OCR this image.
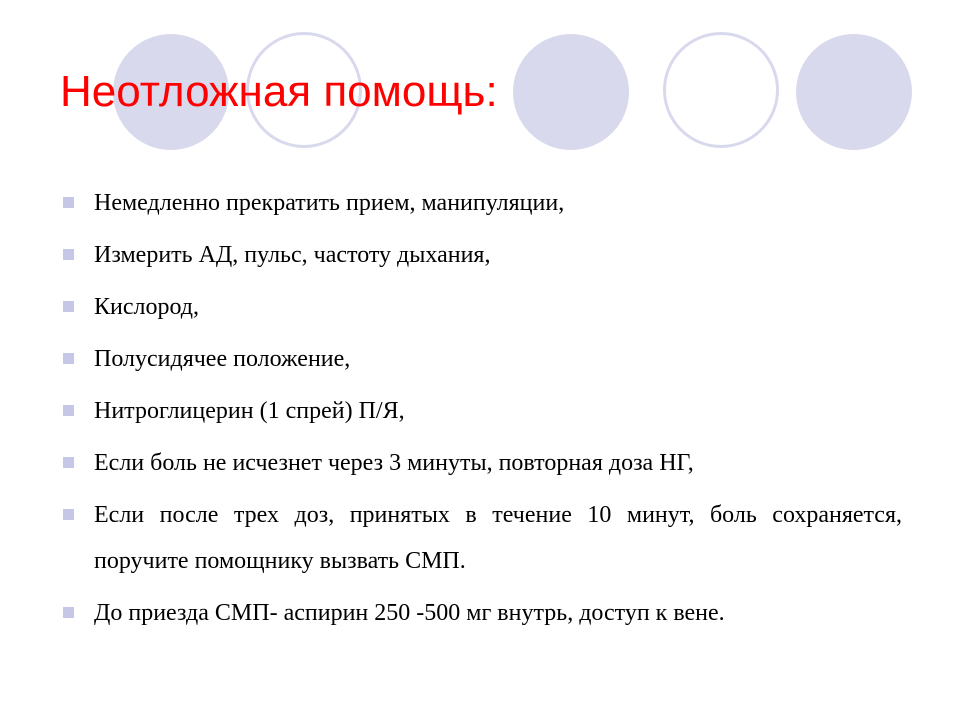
Неотложная помощь:
Немедленно прекратить прием, манипуляции,
Измерить АД, пульс, частоту дыхания,
Кислород,
Полусидячее положение,
Нитроглицерин (1 спрей) П/Я,
Если боль не исчезнет через 3 минуты, повторная доза НГ,
Если после трех доз, принятых в течение 10 минут, боль сохраняется, поручите помощнику вызвать СМП.
До приезда СМП- аспирин 250 -500 мг внутрь, доступ к вене.
